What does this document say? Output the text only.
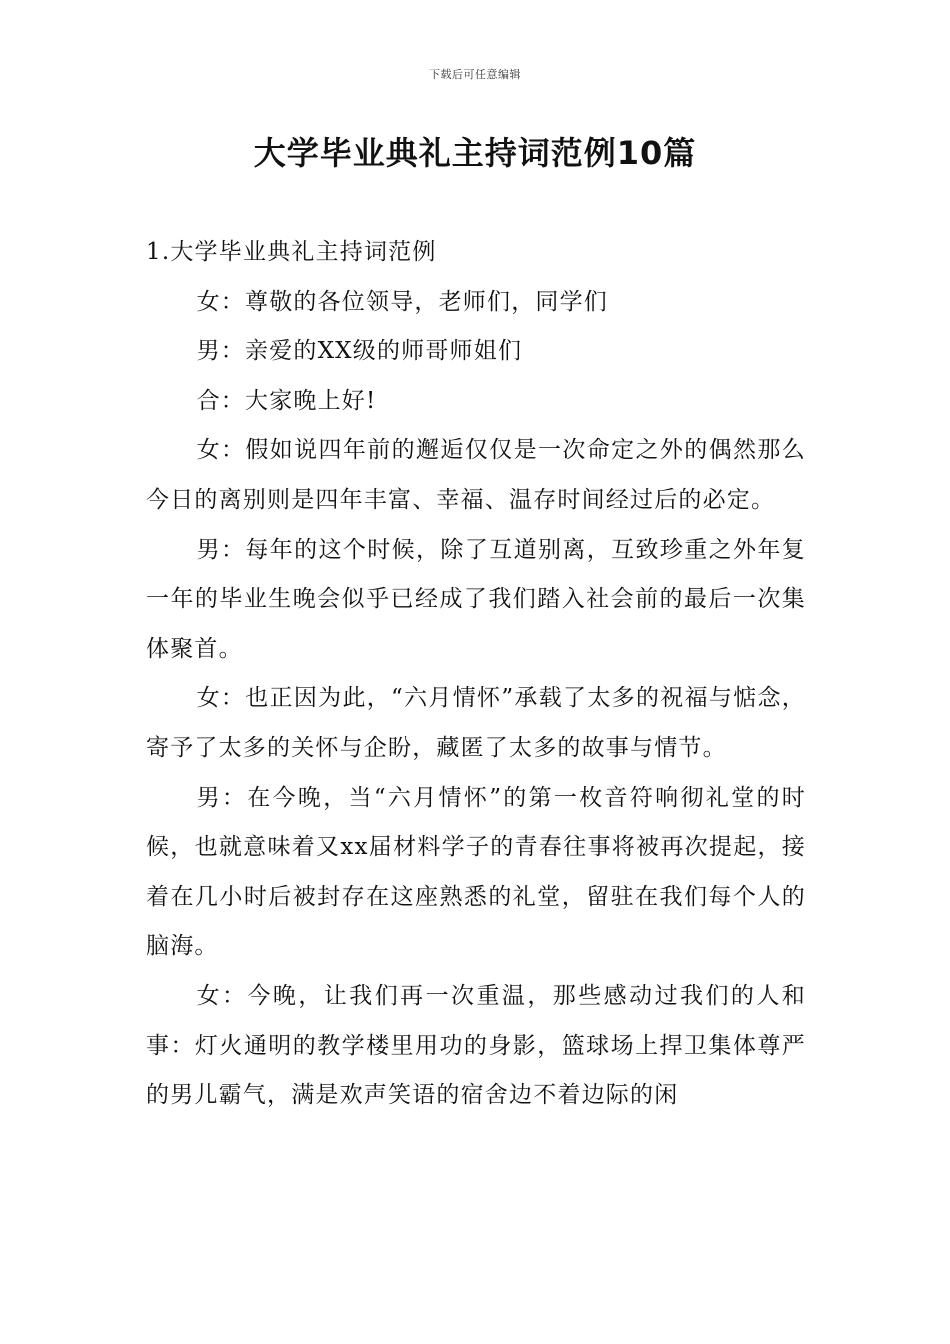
下载后可任意编辑
大学毕业典礼主持词范例10篇

1.大学毕业典礼主持词范例

女：尊敬的各位领导，老师们，同学们

男：亲爱的XX级的师哥师姐们

合：大家晚上好!

女：假如说四年前的邂逅仅仅是一次命定之外的偶然那么今日的离别则是四年丰富、幸福、温存时间经过后的必定。

男：每年的这个时候，除了互道别离，互致珍重之外年复一年的毕业生晚会似乎已经成了我们踏入社会前的最后一次集体聚首。

女：也正因为此，“六月情怀”承载了太多的祝福与惦念，寄予了太多的关怀与企盼，藏匿了太多的故事与情节。

男：在今晚，当“六月情怀”的第一枚音符响彻礼堂的时候，也就意味着又xx届材料学子的青春往事将被再次提起，接着在几小时后被封存在这座熟悉的礼堂，留驻在我们每个人的脑海。

女：今晚，让我们再一次重温，那些感动过我们的人和事：灯火通明的教学楼里用功的身影，篮球场上捍卫集体尊严的男儿霸气，满是欢声笑语的宿舍边不着边际的闲
